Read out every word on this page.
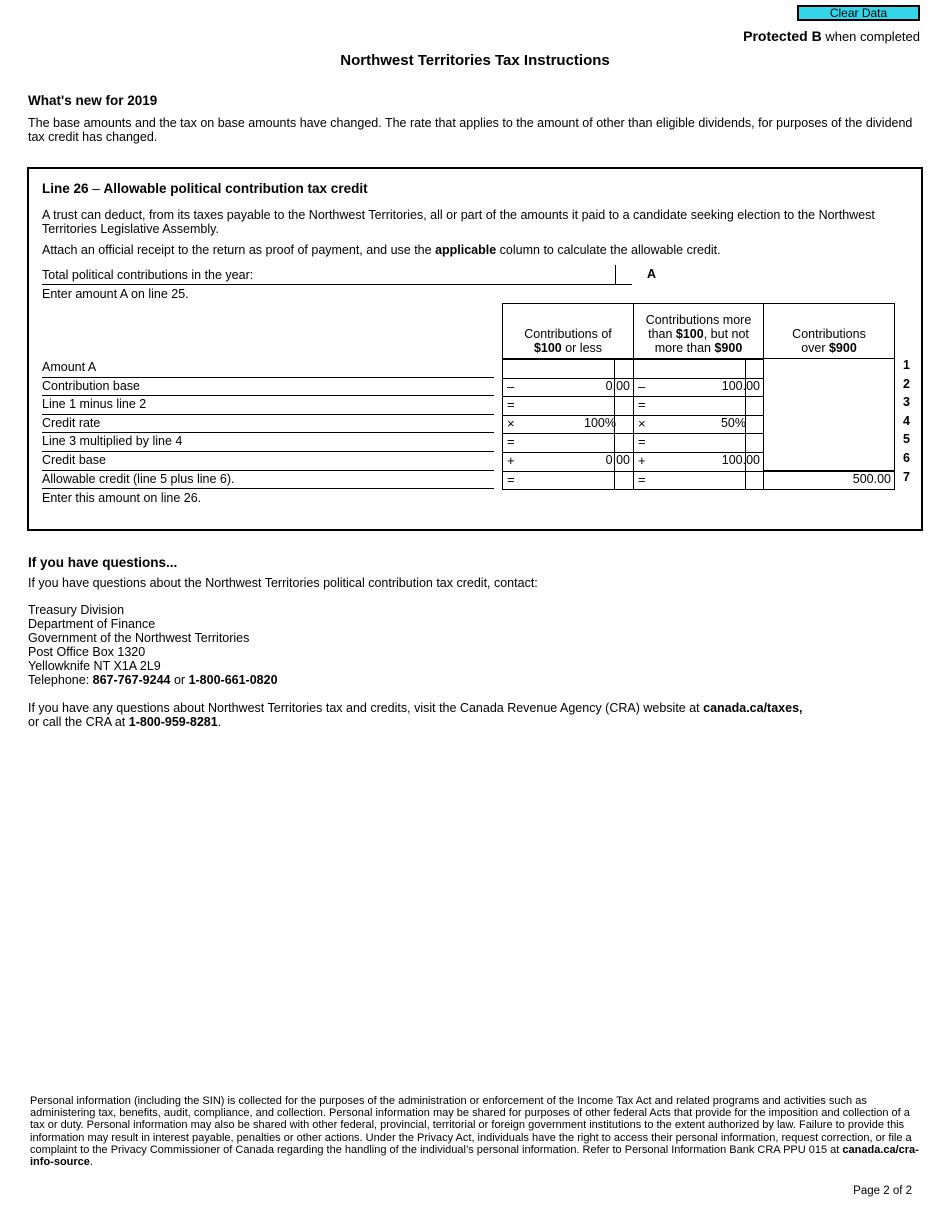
Clear Data
Protected B when completed
Northwest Territories Tax Instructions
What's new for 2019
The base amounts and the tax on base amounts have changed. The rate that applies to the amount of other than eligible dividends, for purposes of the dividend tax credit has changed.
Line 26 – Allowable political contribution tax credit
A trust can deduct, from its taxes payable to the Northwest Territories, all or part of the amounts it paid to a candidate seeking election to the Northwest Territories Legislative Assembly.
Attach an official receipt to the return as proof of payment, and use the applicable column to calculate the allowable credit.
Total political contributions in the year:	A
Enter amount A on line 25.
Contributions of
$100 or less
Contributions more
than $100, but not
more than $900
Contributions
over $900
Amount A	1
Contribution base	–	0.00 –	100.00	2
Line 1 minus line 2	=	=	3
Credit rate	×	100% ×	50%	4
Line 3 multiplied by line 4	=	=	5
Credit base	+	0.00 +	100.00	6
Allowable credit (line 5 plus line 6).	=	=	500.00 7
Enter this amount on line 26.
If you have questions...
If you have questions about the Northwest Territories political contribution tax credit, contact:
Treasury Division
Department of Finance
Government of the Northwest Territories
Post Office Box 1320
Yellowknife NT X1A 2L9
Telephone: 867-767-9244 or 1-800-661-0820
If you have any questions about Northwest Territories tax and credits, visit the Canada Revenue Agency (CRA) website at canada.ca/taxes,
or call the CRA at 1-800-959-8281.
Personal information (including the SIN) is collected for the purposes of the administration or enforcement of the Income Tax Act and related programs and activities such as administering tax, benefits, audit, compliance, and collection. Personal information may be shared for purposes of other federal Acts that provide for the imposition and collection of a tax or duty. Personal information may also be shared with other federal, provincial, territorial or foreign government institutions to the extent authorized by law. Failure to provide this information may result in interest payable, penalties or other actions. Under the Privacy Act, individuals have the right to access their personal information, request correction, or file a complaint to the Privacy Commissioner of Canada regarding the handling of the individual’s personal information. Refer to Personal Information Bank CRA PPU 015 at canada.ca/cra-info-source.
Page 2 of 2
